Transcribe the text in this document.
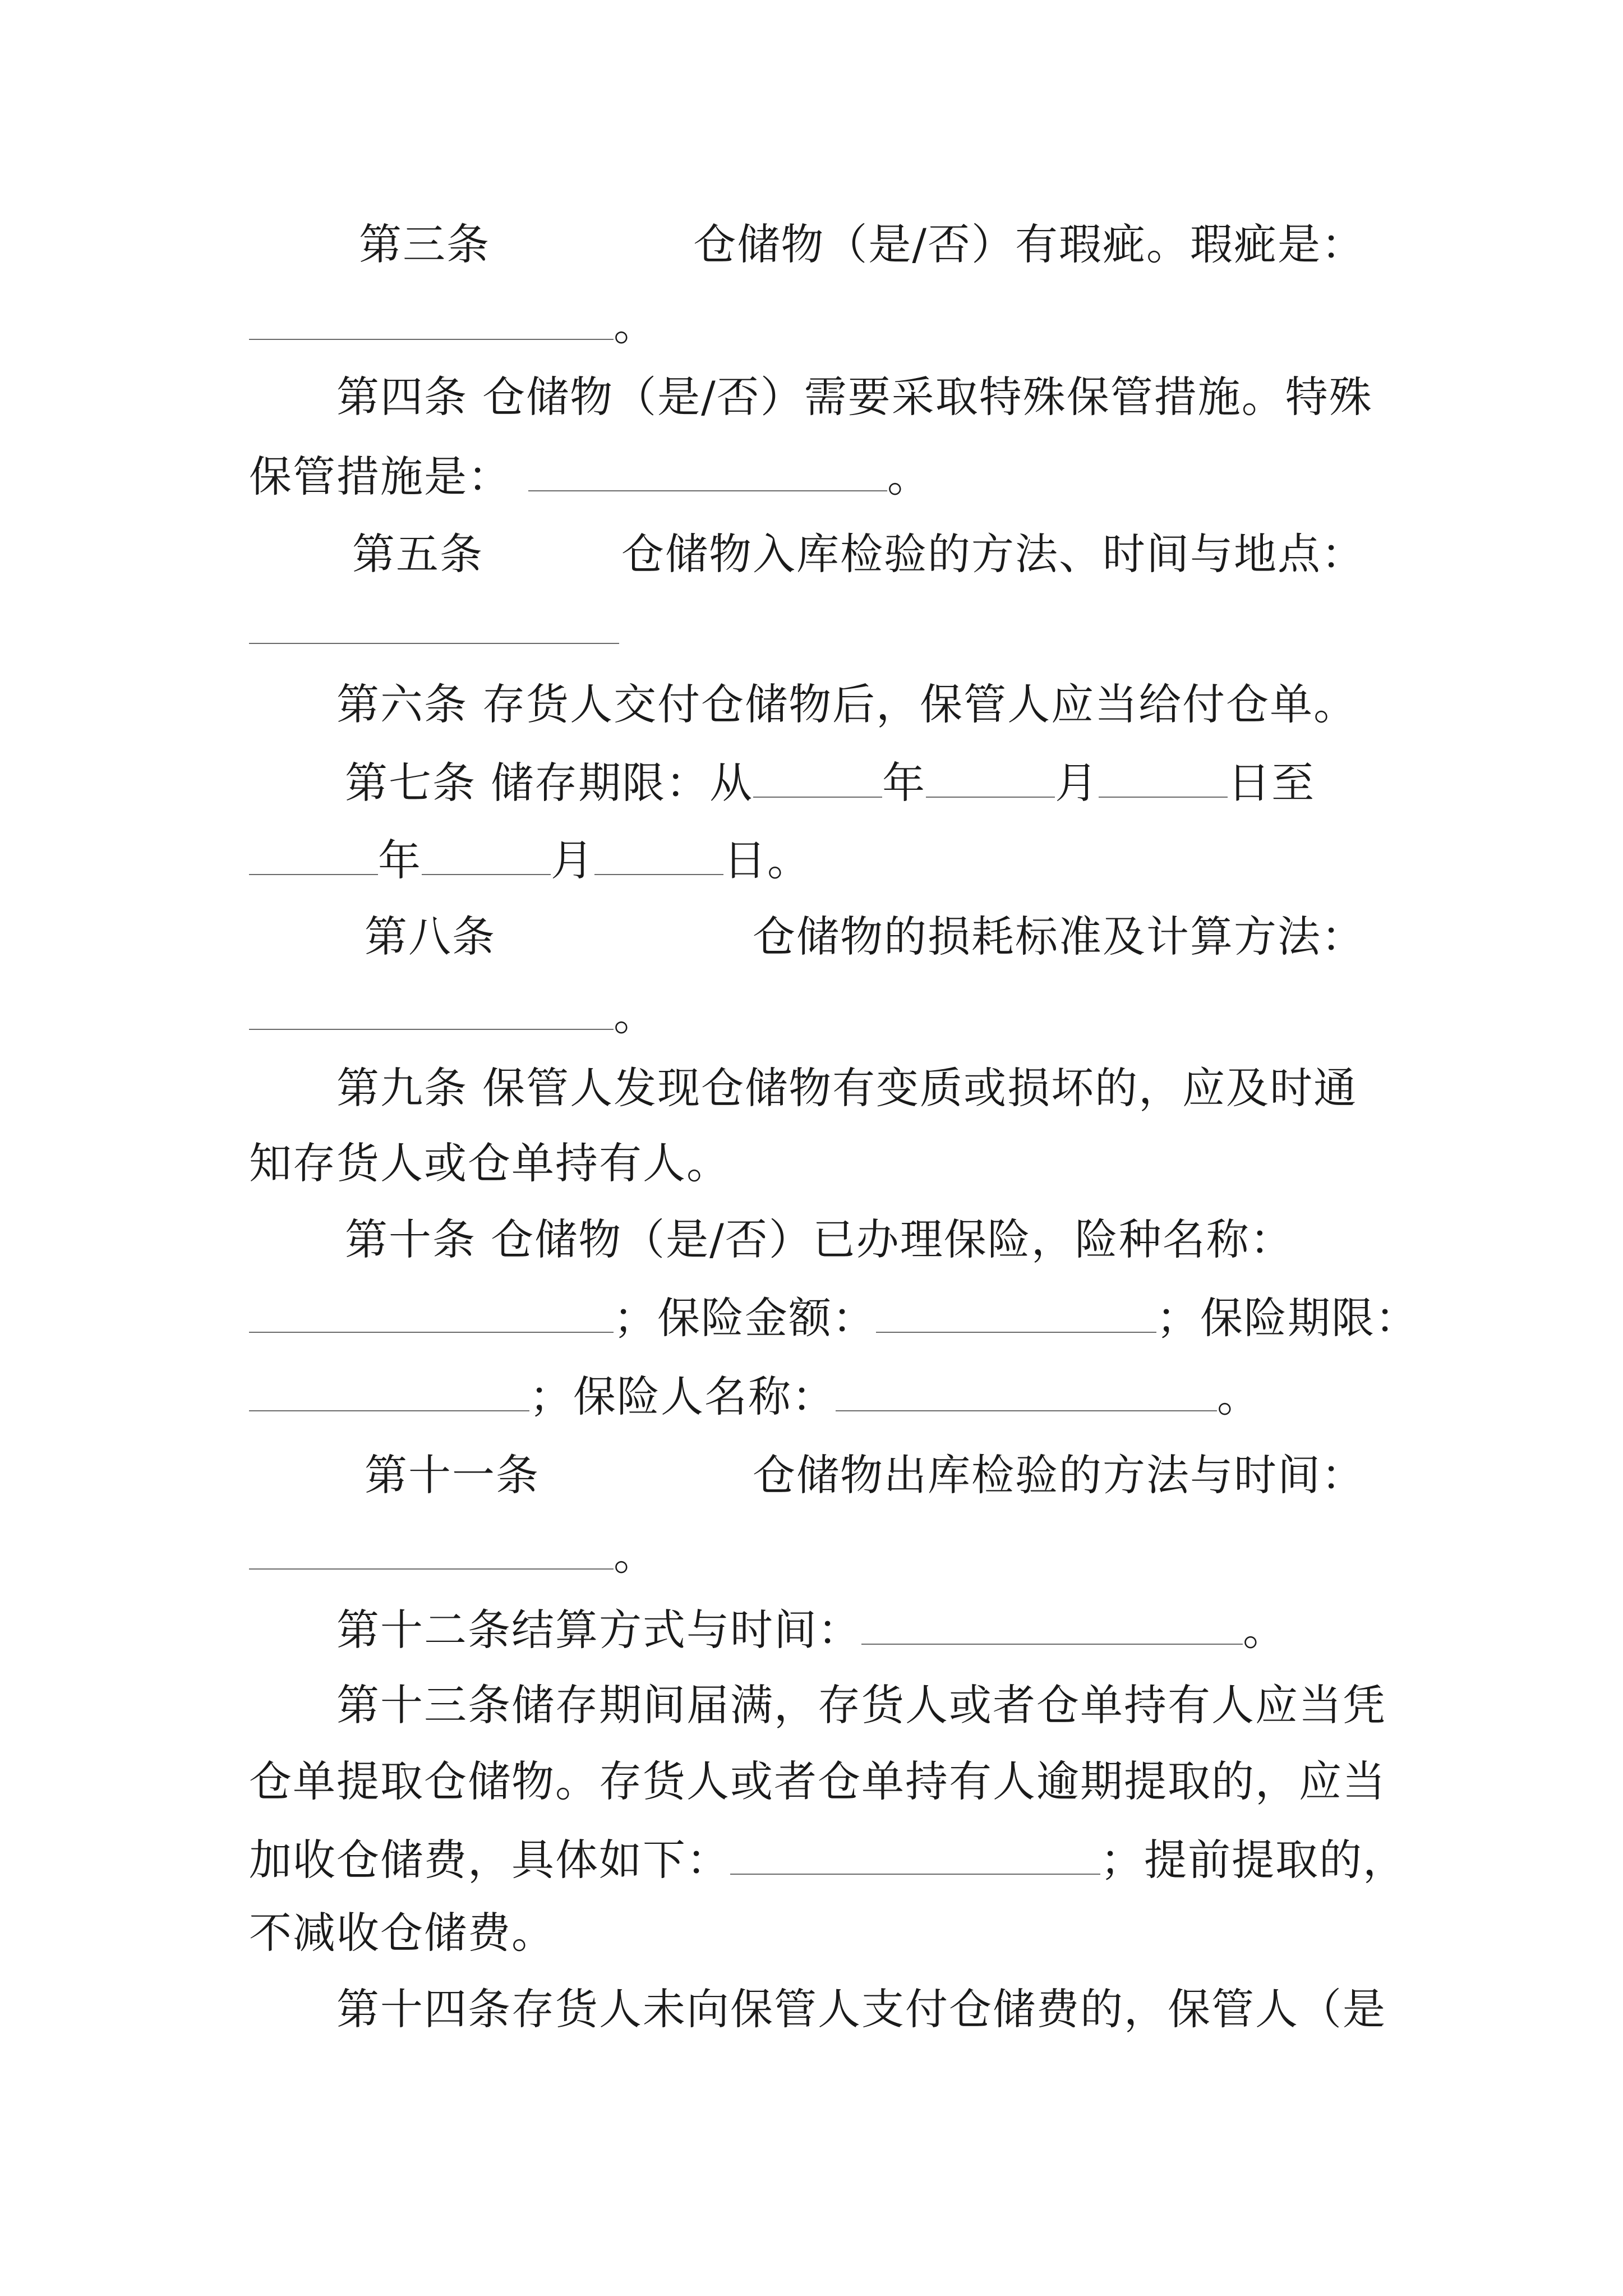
第三条	仓储物（是/否）有瑕疵。瑕疵是：
。
第四条 仓储物（是/否）需要采取特殊保管措施。特殊
保管措施是：	。
第五条	仓储物入库检验的方法、时间与地点：
第六条 存货人交付仓储物后，保管人应当给付仓单。
第七条 储存期限：从	年	月	日至
年	月	日。
第八条	仓储物的损耗标准及计算方法：
。
第九条 保管人发现仓储物有变质或损坏的，应及时通
知存货人或仓单持有人。
第十条 仓储物（是/否）已办理保险，险种名称：
；保险金额：	；保险期限：
；保险人名称：	。
第十一条	仓储物出库检验的方法与时间：
。
第十二条结算方式与时间：	。
第十三条储存期间届满，存货人或者仓单持有人应当凭
仓单提取仓储物。存货人或者仓单持有人逾期提取的，应当
加收仓储费，具体如下：	；提前提取的，
不减收仓储费。
第十四条存货人未向保管人支付仓储费的，保管人（是
